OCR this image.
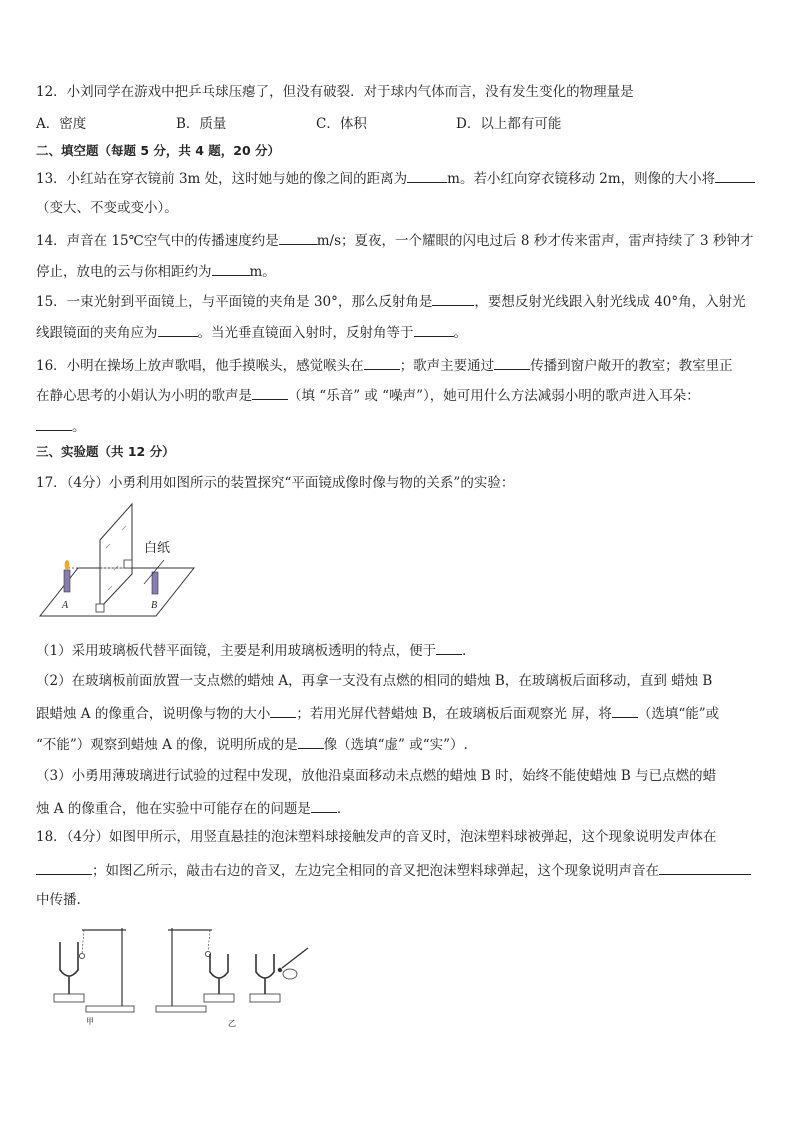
12．小刘同学在游戏中把乒乓球压瘪了，但没有破裂．对于球内气体而言，没有发生变化的物理量是
A．密度	B．质量	C．体积	D．以上都有可能
二、填空题（每题 5 分，共 4 题，20 分）
13．小红站在穿衣镜前 3m 处，这时她与她的像之间的距离为	m。若小红向穿衣镜移动 2m，则像的大小将
（变大、不变或变小）。
14．声音在 15℃空气中的传播速度约是	m/s；夏夜，一个耀眼的闪电过后 8 秒才传来雷声，雷声持续了 3 秒钟才
停止，放电的云与你相距约为	m。
15．一束光射到平面镜上，与平面镜的夹角是 30°，那么反射角是	，要想反射光线跟入射光线成 40°角，入射光
线跟镜面的夹角应为	。当光垂直镜面入射时，反射角等于	。
16．小明在操场上放声歌唱，他手摸喉头，感觉喉头在	；歌声主要通过	传播到窗户敞开的教室；教室里正
在静心思考的小娟认为小明的歌声是	（填 “乐音” 或 “噪声”），她可用什么方法减弱小明的歌声进入耳朵：
。
三、实验题（共 12 分）
17．（4分）小勇利用如图所示的装置探究“平面镜成像时像与物的关系”的实验：
白纸
A	B
（1）采用玻璃板代替平面镜，主要是利用玻璃板透明的特点，便于 ．
（2）在玻璃板前面放置一支点燃的蜡烛 A，再拿一支没有点燃的相同的蜡烛 B，在玻璃板后面移动，直到 蜡烛 B
跟蜡烛 A 的像重合，说明像与物的大小 ；若用光屏代替蜡烛 B，在玻璃板后面观察光 屏，将 （选填“能”或
“不能”）观察到蜡烛 A 的像，说明所成的是 像（选填“虚” 或“实”）.
（3）小勇用薄玻璃进行试验的过程中发现，放他沿桌面移动未点燃的蜡烛 B 时，始终不能使蜡烛 B 与已点燃的蜡
烛 A 的像重合，他在实验中可能存在的问题是 ．
18．（4分）如图甲所示，用竖直悬挂的泡沫塑料球接触发声的音叉时，泡沫塑料球被弹起，这个现象说明发声体在
；如图乙所示，敲击右边的音叉，左边完全相同的音叉把泡沫塑料球弹起，这个现象说明声音在
中传播.
甲	乙
